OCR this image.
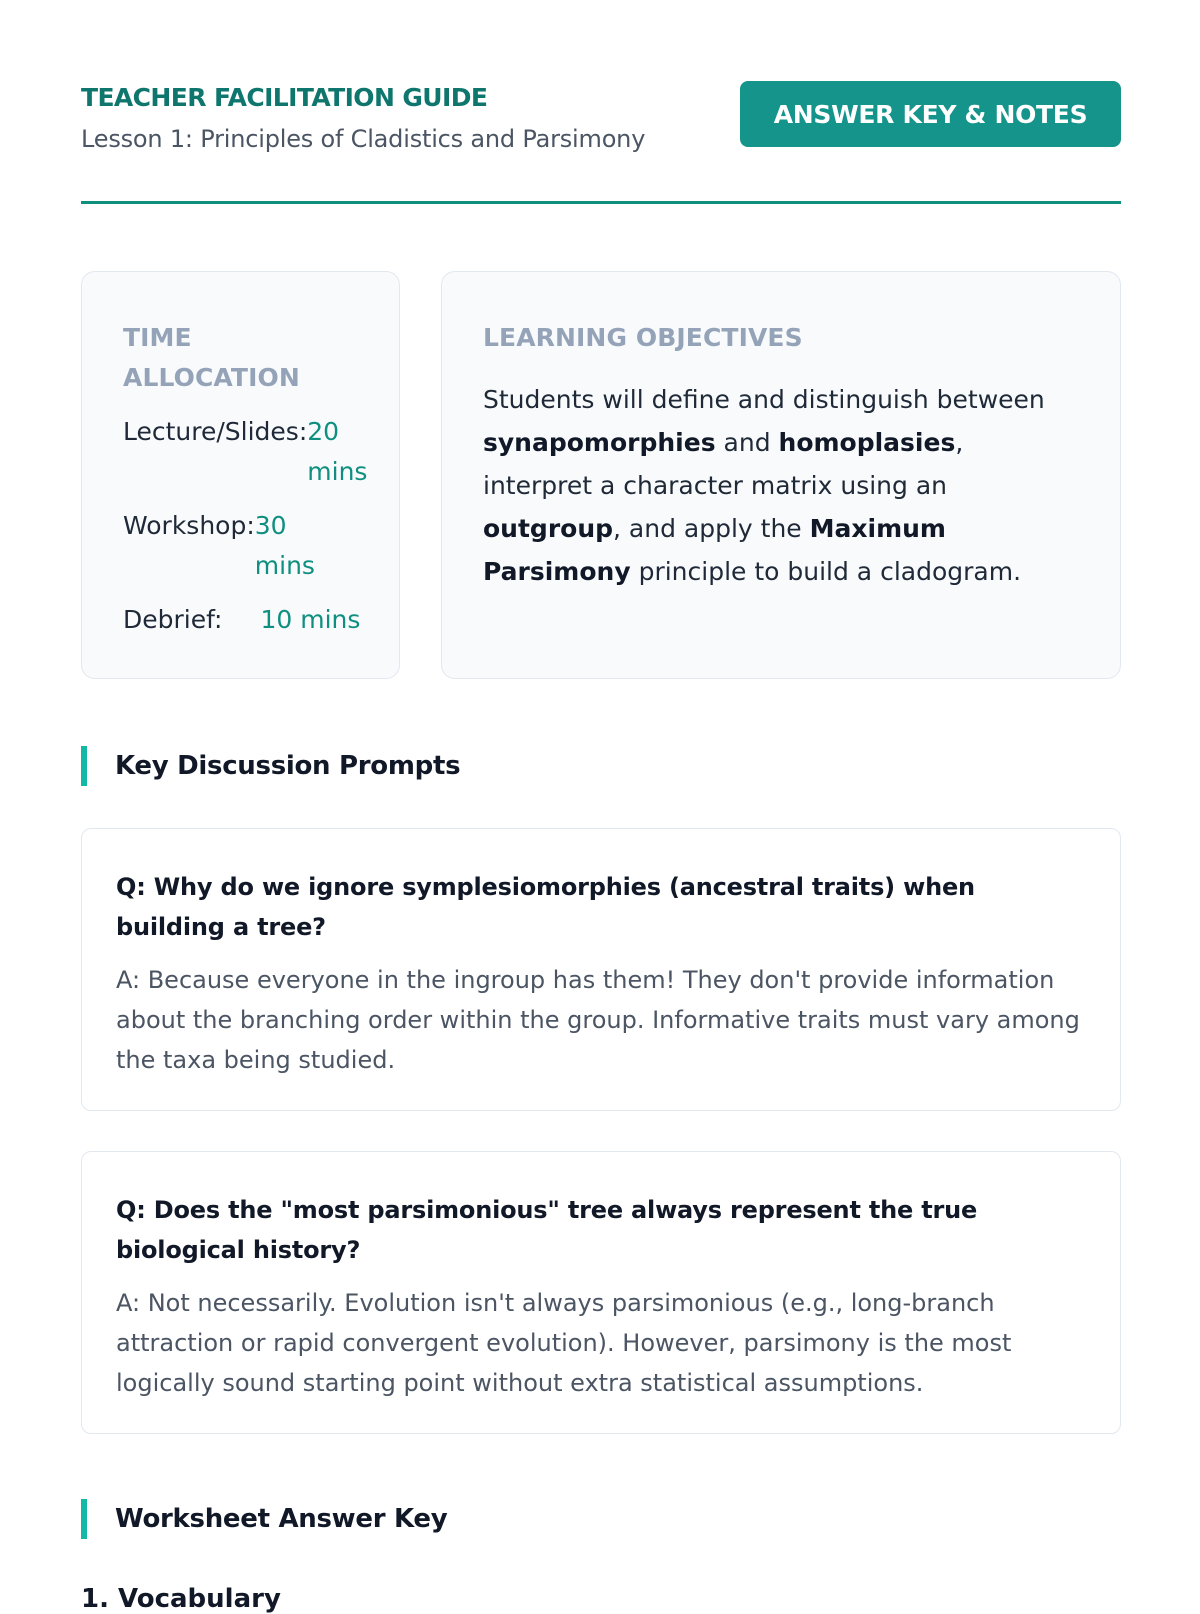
TEACHER FACILITATION GUIDE
Lesson 1: Principles of Cladistics and Parsimony
ANSWER KEY & NOTES
TIME ALLOCATION
Lecture/Slides: 20 mins
Workshop: 30 mins
Debrief: 10 mins
LEARNING OBJECTIVES
Students will define and distinguish between synapomorphies and homoplasies, interpret a character matrix using an outgroup, and apply the Maximum Parsimony principle to build a cladogram.
Key Discussion Prompts
Q: Why do we ignore symplesiomorphies (ancestral traits) when building a tree?
A: Because everyone in the ingroup has them! They don't provide information about the branching order within the group. Informative traits must vary among the taxa being studied.
Q: Does the "most parsimonious" tree always represent the true biological history?
A: Not necessarily. Evolution isn't always parsimonious (e.g., long-branch attraction or rapid convergent evolution). However, parsimony is the most logically sound starting point without extra statistical assumptions.
Worksheet Answer Key
1. Vocabulary
